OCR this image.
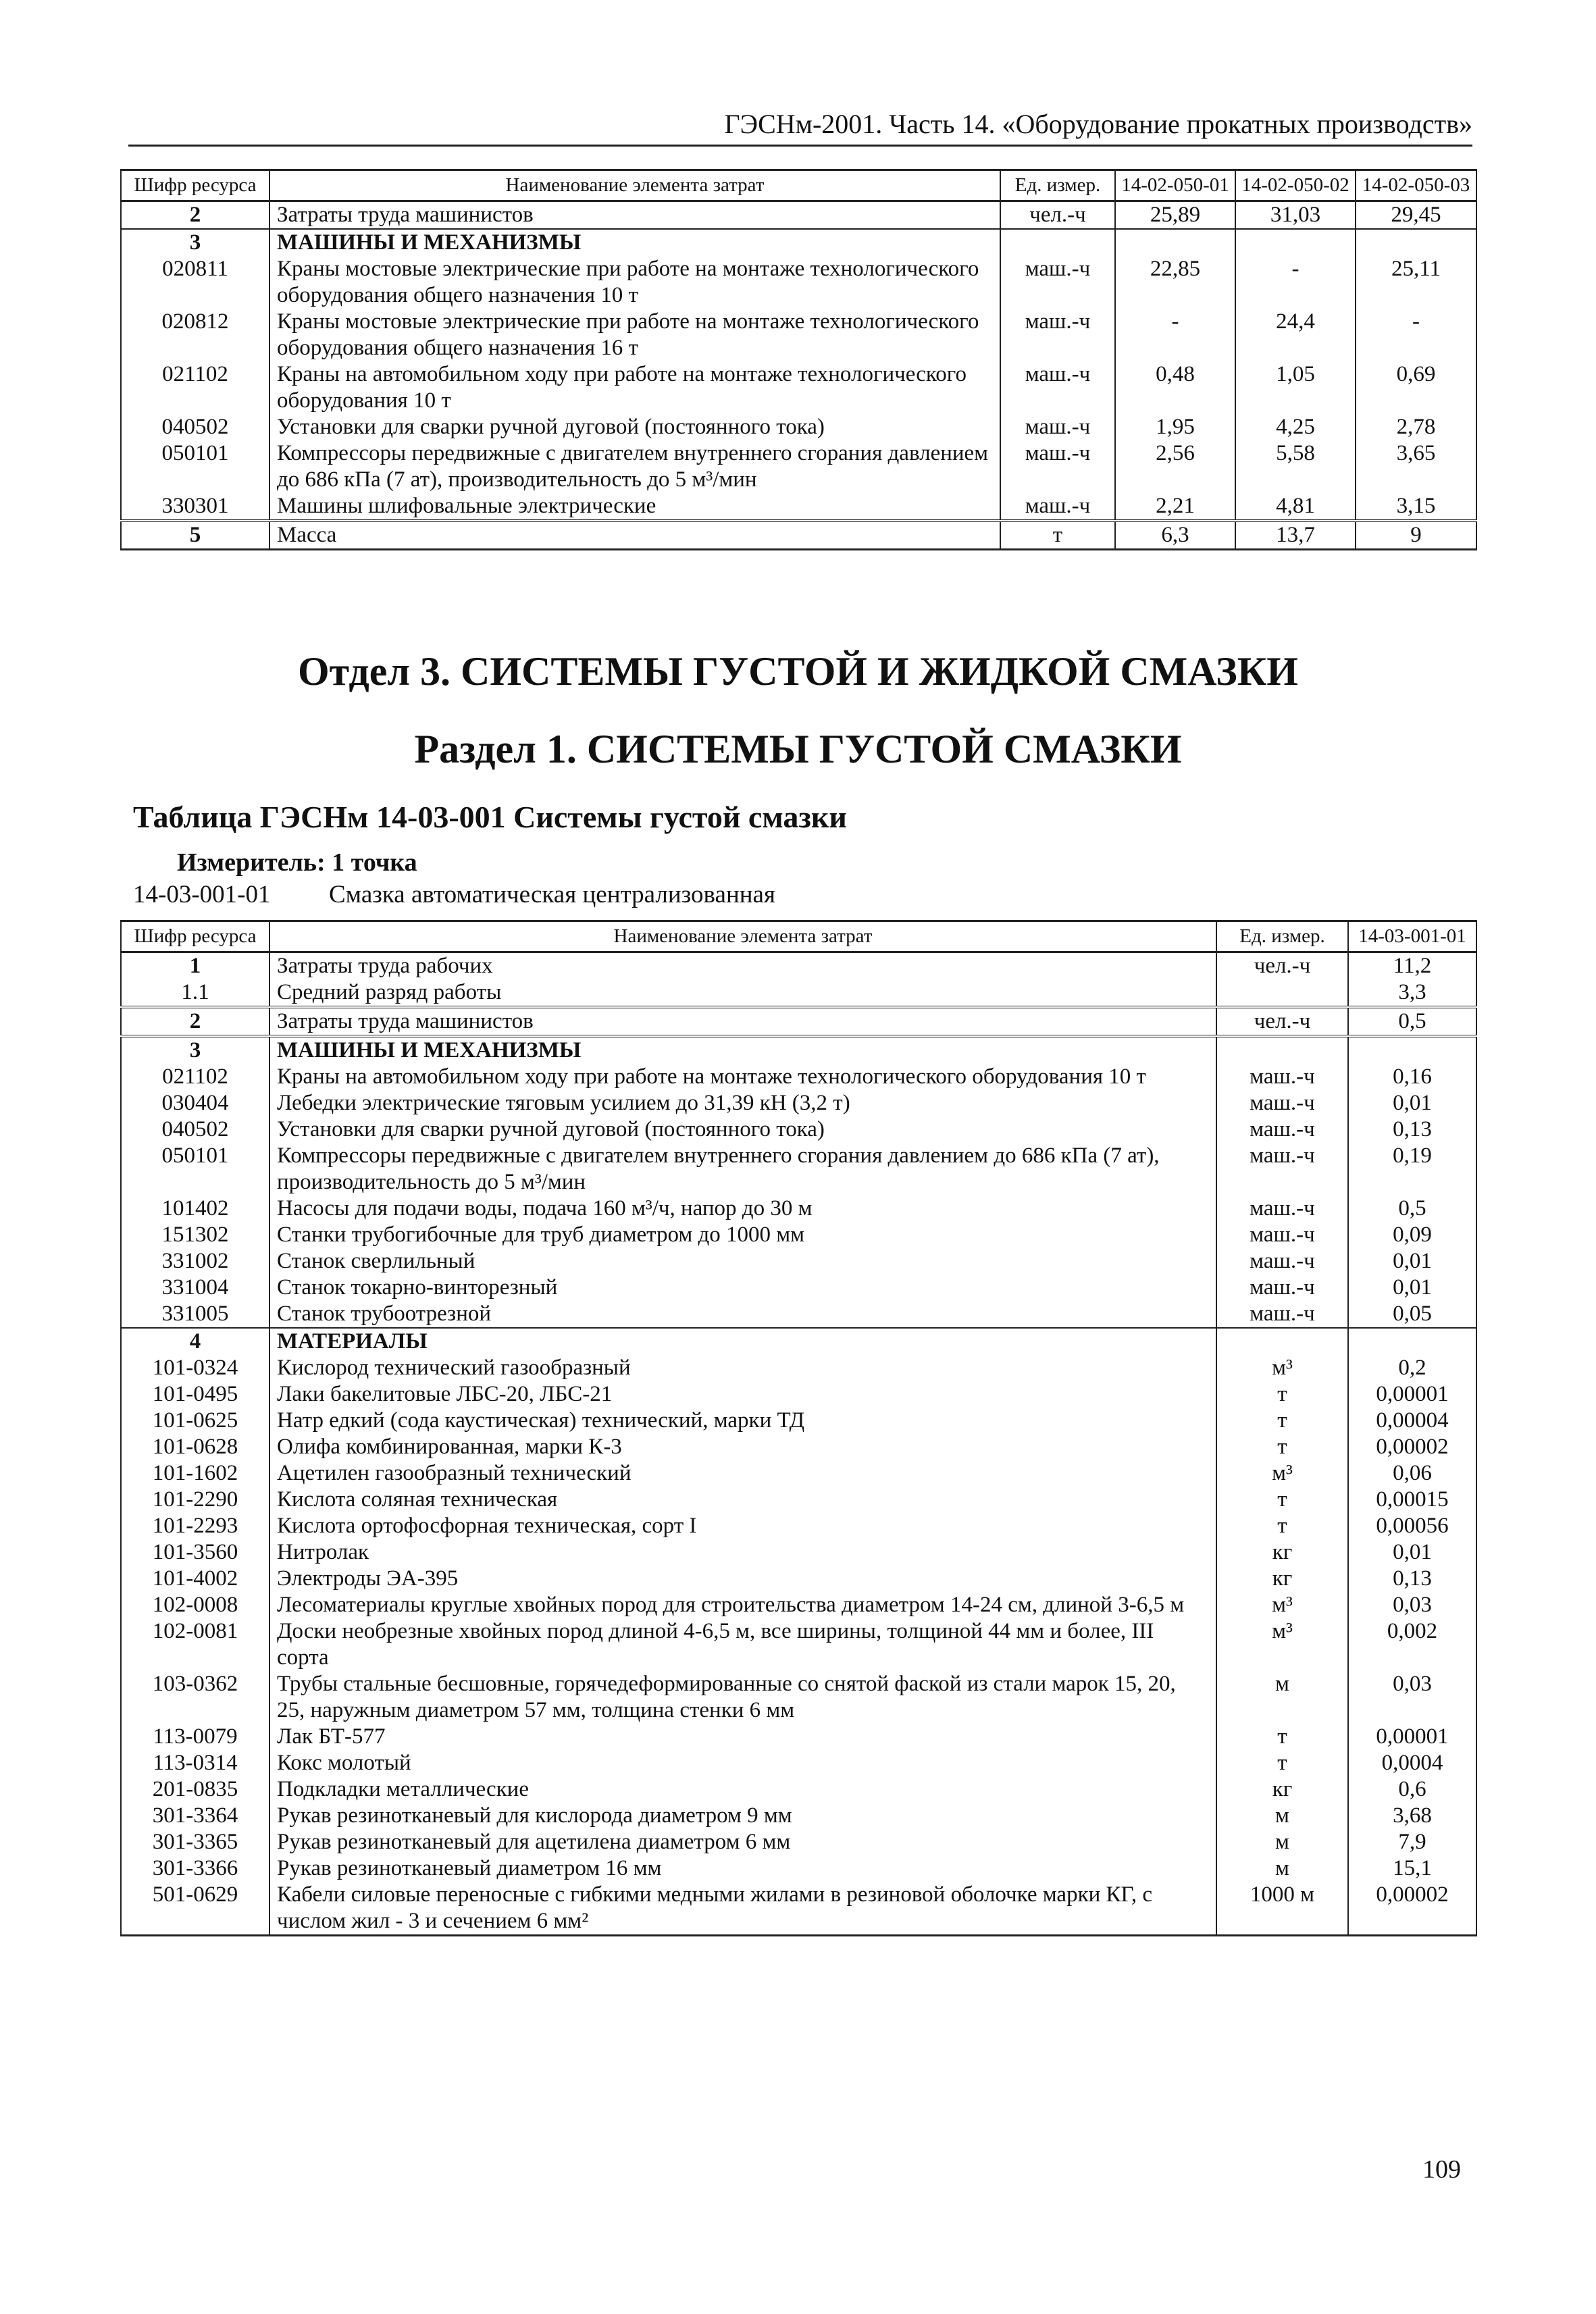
ГЭСНм-2001. Часть 14. «Оборудование прокатных производств»
Шифр ресурса	Наименование элемента затрат	Ед. измер.	14-02-050-01	14-02-050-02	14-02-050-03
2	Затраты труда машинистов	чел.-ч	25,89	31,03	29,45
3	МАШИНЫ И МЕХАНИЗМЫ				
020811	Краны мостовые электрические при работе на монтаже технологического оборудования общего назначения 10 т	маш.-ч	22,85	-	25,11
020812	Краны мостовые электрические при работе на монтаже технологического оборудования общего назначения 16 т	маш.-ч	-	24,4	-
021102	Краны на автомобильном ходу при работе на монтаже технологического оборудования 10 т	маш.-ч	0,48	1,05	0,69
040502	Установки для сварки ручной дуговой (постоянного тока)	маш.-ч	1,95	4,25	2,78
050101	Компрессоры передвижные с двигателем внутреннего сгорания давлением до 686 кПа (7 ат), производительность до 5 м³/мин	маш.-ч	2,56	5,58	3,65
330301	Машины шлифовальные электрические	маш.-ч	2,21	4,81	3,15
5	Масса	т	6,3	13,7	9
Отдел 3. СИСТЕМЫ ГУСТОЙ И ЖИДКОЙ СМАЗКИ
Раздел 1. СИСТЕМЫ ГУСТОЙ СМАЗКИ
Таблица ГЭСНм 14-03-001 Системы густой смазки
Измеритель: 1 точка
14-03-001-01 Смазка автоматическая централизованная
Шифр ресурса	Наименование элемента затрат	Ед. измер.	14-03-001-01
1	Затраты труда рабочих	чел.-ч	11,2
1.1	Средний разряд работы		3,3
2	Затраты труда машинистов	чел.-ч	0,5
3	МАШИНЫ И МЕХАНИЗМЫ		
021102	Краны на автомобильном ходу при работе на монтаже технологического оборудования 10 т	маш.-ч	0,16
030404	Лебедки электрические тяговым усилием до 31,39 кН (3,2 т)	маш.-ч	0,01
040502	Установки для сварки ручной дуговой (постоянного тока)	маш.-ч	0,13
050101	Компрессоры передвижные с двигателем внутреннего сгорания давлением до 686 кПа (7 ат), производительность до 5 м³/мин	маш.-ч	0,19
101402	Насосы для подачи воды, подача 160 м³/ч, напор до 30 м	маш.-ч	0,5
151302	Станки трубогибочные для труб диаметром до 1000 мм	маш.-ч	0,09
331002	Станок сверлильный	маш.-ч	0,01
331004	Станок токарно-винторезный	маш.-ч	0,01
331005	Станок трубоотрезной	маш.-ч	0,05
4	МАТЕРИАЛЫ		
101-0324	Кислород технический газообразный	м³	0,2
101-0495	Лаки бакелитовые ЛБС-20, ЛБС-21	т	0,00001
101-0625	Натр едкий (сода каустическая) технический, марки ТД	т	0,00004
101-0628	Олифа комбинированная, марки К-3	т	0,00002
101-1602	Ацетилен газообразный технический	м³	0,06
101-2290	Кислота соляная техническая	т	0,00015
101-2293	Кислота ортофосфорная техническая, сорт I	т	0,00056
101-3560	Нитролак	кг	0,01
101-4002	Электроды ЭА-395	кг	0,13
102-0008	Лесоматериалы круглые хвойных пород для строительства диаметром 14-24 см, длиной 3-6,5 м	м³	0,03
102-0081	Доски необрезные хвойных пород длиной 4-6,5 м, все ширины, толщиной 44 мм и более, III сорта	м³	0,002
103-0362	Трубы стальные бесшовные, горячедеформированные со снятой фаской из стали марок 15, 20, 25, наружным диаметром 57 мм, толщина стенки 6 мм	м	0,03
113-0079	Лак БТ-577	т	0,00001
113-0314	Кокс молотый	т	0,0004
201-0835	Подкладки металлические	кг	0,6
301-3364	Рукав резинотканевый для кислорода диаметром 9 мм	м	3,68
301-3365	Рукав резинотканевый для ацетилена диаметром 6 мм	м	7,9
301-3366	Рукав резинотканевый диаметром 16 мм	м	15,1
501-0629	Кабели силовые переносные с гибкими медными жилами в резиновой оболочке марки КГ, с числом жил - 3 и сечением 6 мм²	1000 м	0,00002
109
